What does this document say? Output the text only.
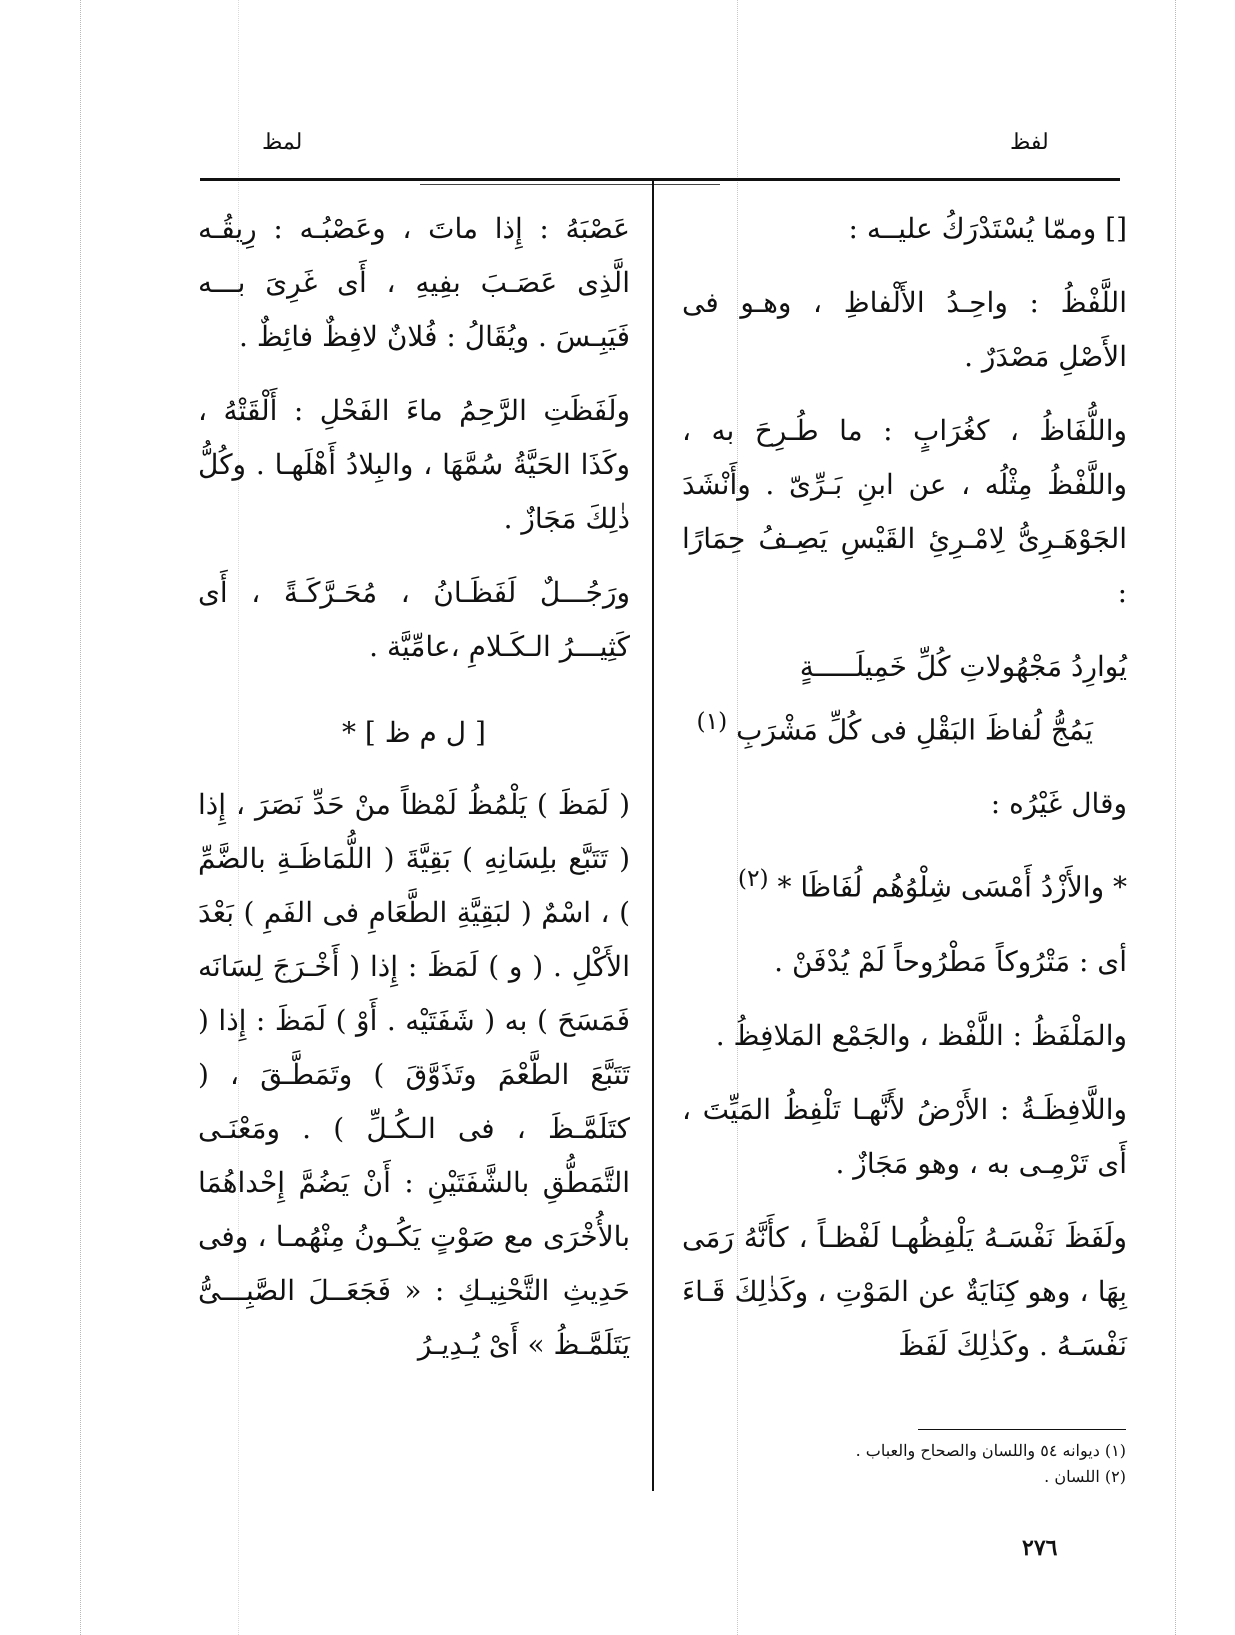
لمظ	لفظ

[] وممّا يُسْتَدْرَكُ عليــه :

اللَّفْظُ : واحِـدُ الأَلْفاظِ ، وهـو فى الأَصْلِ مَصْدَرٌ .

واللُّفَاظُ ، كغُرَابٍ : ما طُـرِحَ به ، واللَّفْظُ مِثْلُه ، عن ابنِ بَـرِّىّ . وأَنْشَدَ الجَوْهَـرِىُّ لِامْـرِئِ القَيْسِ يَصِـفُ حِمَارًا :

يُوارِدُ مَجْهُولاتِ كُلِّ خَمِيلَـــــةٍ

يَمُجُّ لُفاظَ البَقْلِ فى كُلِّ مَشْرَبِ $^{(١)}$

وقال غَيْرُه :

* والأَزْدُ أَمْسَى شِلْوُهُم لُفَاظَا * $^{(٢)}$

أى : مَتْرُوكاً مَطْرُوحاً لَمْ يُدْفَنْ .

والمَلْفَظُ : اللَّفْظ ، والجَمْع المَلافِظُ .

واللَّافِظَـةُ : الأَرْضُ لأَنَّهـا تَلْفِظُ المَيِّتَ ، أَى تَرْمِـى به ، وهو مَجَازٌ .

ولَفَظَ نَفْسَـهُ يَلْفِظُهـا لَفْظـاً ، كأَنَّهُ رَمَى بِهَا ، وهو كِنَايَةٌ عن المَوْتِ ، وكَذٰلِكَ قَـاءَ نَفْسَـهُ . وكَذٰلِكَ لَفَظَ

عَصْبَهُ : إِذا ماتَ ، وعَصْبُـه : رِيقُـه الَّذِى عَصَـبَ بفِيهِ ، أَى غَرِىَ بـــه فَيَبِـسَ . ويُقَالُ : فُلانٌ لافِظٌ فائِظٌ .

ولَفَظَتِ الرَّحِمُ ماءَ الفَحْلِ : أَلْقَتْهُ ، وكَذَا الحَيَّةُ سُمَّهَا ، والبِلادُ أَهْلَهـا . وكُلُّ ذٰلِكَ مَجَازٌ .

ورَجُـــلٌ لَفَظَـانُ ، مُحَـرَّكَـةً ، أَى كَثِيـــرُ الـكَـلامِ ،عامِّيَّة .

[ ل م ظ ] *

( لَمَظَ ) يَلْمُظُ لَمْظاً منْ حَدِّ نَصَرَ ، إِذا ( تَتَبَّع بلِسَانِهِ ) بَقِيَّةَ ( اللُّمَاظَـةِ بالضَّمِّ ) ، اسْمٌ ( لبَقِيَّةِ الطَّعَامِ فى الفَمِ ) بَعْدَ الأَكْلِ . ( و ) لَمَظَ : إِذا ( أَخْـرَجَ لِسَانَه فَمَسَحَ ) به ( شَفَتَيْه . أَوْ ) لَمَظَ : إِذا ( تَتَبَّعَ الطَّعْمَ وتَذَوَّقَ ) وتَمَطَّـقَ ، ( كتَلَمَّـظَ ، فى الـكُـلِّ ) . ومَعْنَـى التَّمَطُّقِ بالشَّفَتَيْنِ : أَنْ يَضُمَّ إِحْداهُمَا بالأُخْرَى مع صَوْتٍ يَكُـونُ مِنْهُمـا ، وفى حَدِيثِ التَّحْنِيـكِ : « فَجَعَــلَ الصَّبِـــىُّ يَتَلَمَّـظُ » أَىْ يُـدِيـرُ

(١) ديوانه ٥٤ واللسان والصحاح والعباب .

(٢) اللسان .

٢٧٦
